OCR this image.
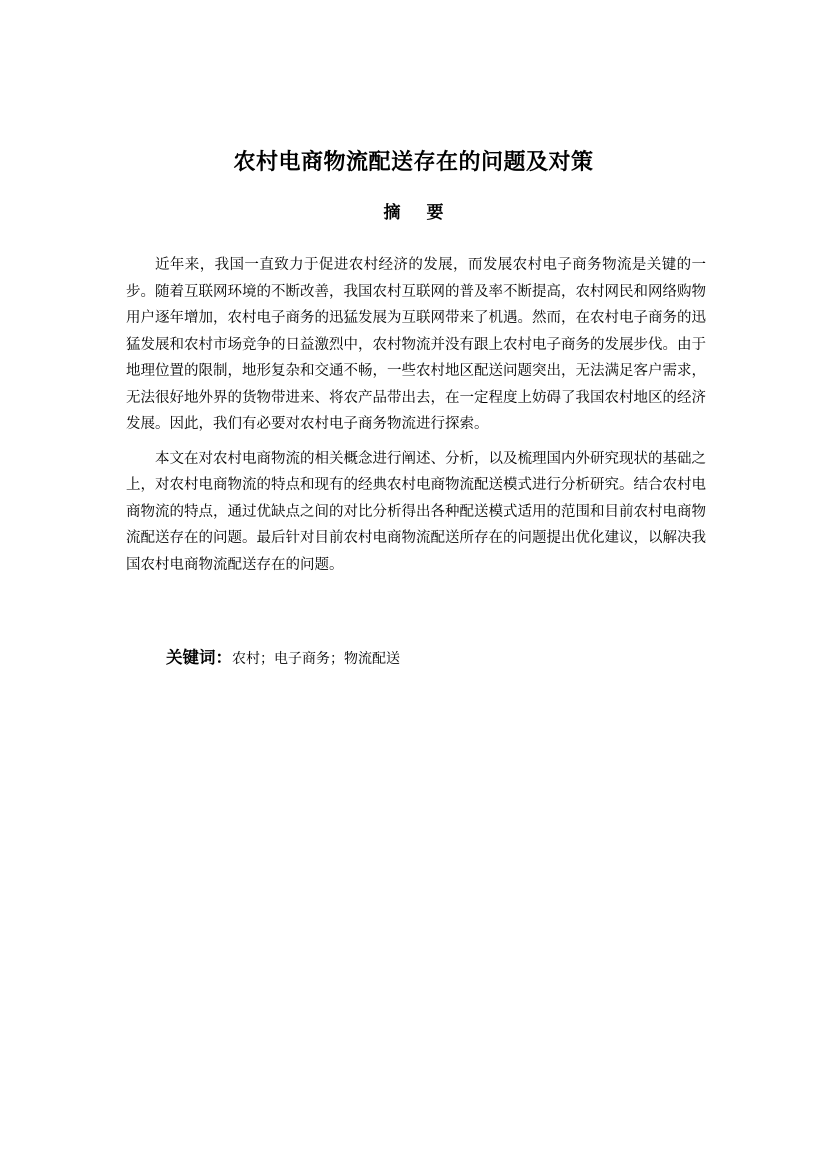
农村电商物流配送存在的问题及对策
摘 要

近年来，我国一直致力于促进农村经济的发展，而发展农村电子商务物流是关键的一步。随着互联网环境的不断改善，我国农村互联网的普及率不断提高，农村网民和网络购物用户逐年增加，农村电子商务的迅猛发展为互联网带来了机遇。然而，在农村电子商务的迅猛发展和农村市场竞争的日益激烈中，农村物流并没有跟上农村电子商务的发展步伐。由于地理位置的限制，地形复杂和交通不畅，一些农村地区配送问题突出，无法满足客户需求，无法很好地外界的货物带进来、将农产品带出去，在一定程度上妨碍了我国农村地区的经济发展。因此，我们有必要对农村电子商务物流进行探索。

本文在对农村电商物流的相关概念进行阐述、分析，以及梳理国内外研究现状的基础之上，对农村电商物流的特点和现有的经典农村电商物流配送模式进行分析研究。结合农村电商物流的特点，通过优缺点之间的对比分析得出各种配送模式适用的范围和目前农村电商物流配送存在的问题。最后针对目前农村电商物流配送所存在的问题提出优化建议，以解决我国农村电商物流配送存在的问题。

关键词：农村；电子商务；物流配送
